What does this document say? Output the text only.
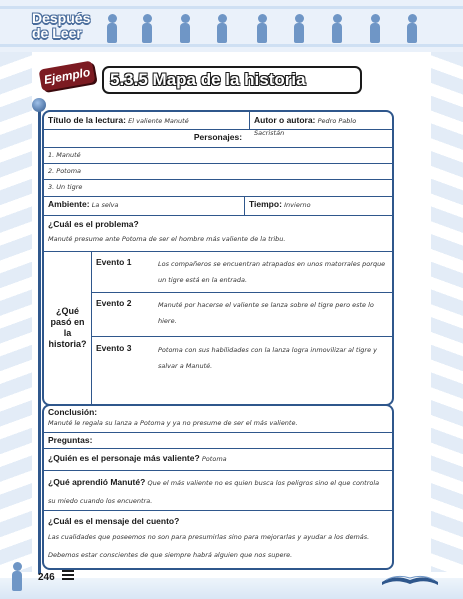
Después de Leer
Ejemplo	5.3.5 Mapa de la historia
Título de la lectura: El valiente Manuté	Autor o autora: Pedro Pablo Sacristán
Personajes:
1. Manuté
2. Potoma
3. Un tigre
Ambiente: La selva	Tiempo: Invierno
¿Cuál es el problema?
Manuté presume ante Potoma de ser el hombre más valiente de la tribu.
¿Qué pasó en la historia?
Evento 1	Los compañeros se encuentran atrapados en unos matorrales porque un tigre está en la entrada.
Evento 2	Manuté por hacerse el valiente se lanza sobre el tigre pero este lo hiere.
Evento 3	Potoma con sus habilidades con la lanza logra inmovilizar al tigre y salvar a Manuté.
Conclusión:
Manuté le regala su lanza a Potoma y ya no presume de ser el más valiente.
Preguntas:
¿Quién es el personaje más valiente? Potoma
¿Qué aprendió Manuté? Que el más valiente no es quien busca los peligros sino el que controla su miedo cuando los encuentra.
¿Cuál es el mensaje del cuento?
Las cualidades que poseemos no son para presumirlas sino para mejorarlas y ayudar a los demás. Debemos estar conscientes de que siempre habrá alguien que nos supere.
246
